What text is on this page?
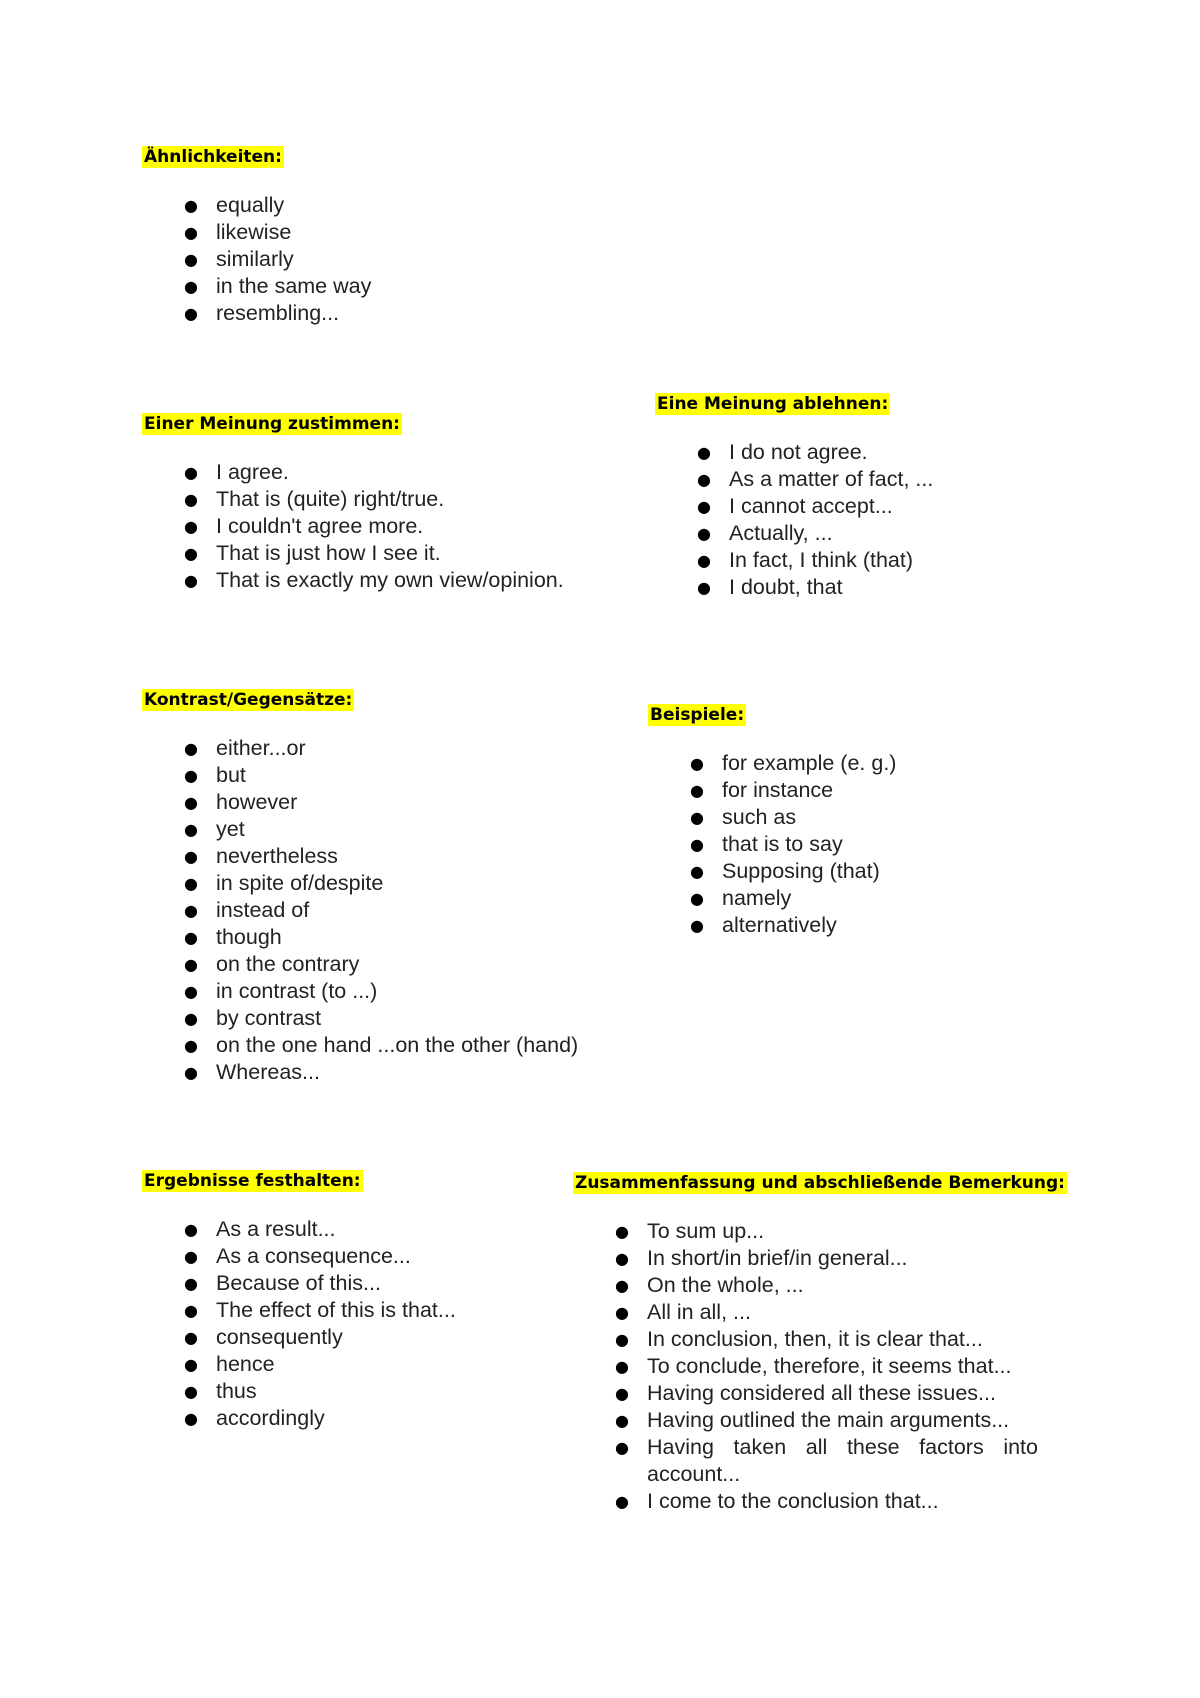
Ähnlichkeiten:
● equally
● likewise
● similarly
● in the same way
● resembling...
Einer Meinung zustimmen:
● I agree.
● That is (quite) right/true.
● I couldn't agree more.
● That is just how I see it.
● That is exactly my own view/opinion.
Eine Meinung ablehnen:
● I do not agree.
● As a matter of fact, ...
● I cannot accept...
● Actually, ...
● In fact, I think (that)
● I doubt, that
Kontrast/Gegensätze:
● either...or
● but
● however
● yet
● nevertheless
● in spite of/despite
● instead of
● though
● on the contrary
● in contrast (to ...)
● by contrast
● on the one hand ...on the other (hand)
● Whereas...
Beispiele:
● for example (e. g.)
● for instance
● such as
● that is to say
● Supposing (that)
● namely
● alternatively
Ergebnisse festhalten:
● As a result...
● As a consequence...
● Because of this...
● The effect of this is that...
● consequently
● hence
● thus
● accordingly
Zusammenfassung und abschließende Bemerkung:
● To sum up...
● In short/in brief/in general...
● On the whole, ...
● All in all, ...
● In conclusion, then, it is clear that...
● To conclude, therefore, it seems that...
● Having considered all these issues...
● Having outlined the main arguments...
● Having taken all these factors into account...
● I come to the conclusion that...
